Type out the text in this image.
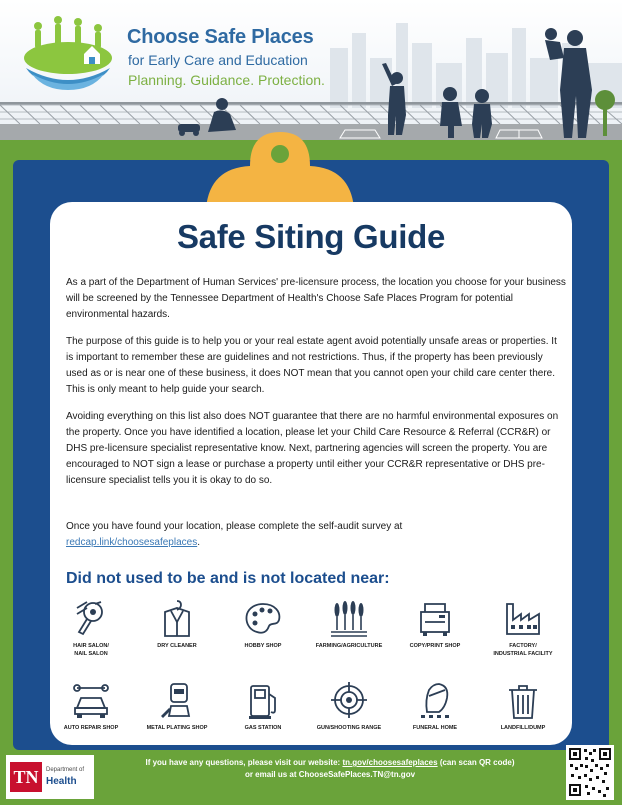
Choose Safe Places
for Early Care and Education
Planning. Guidance. Protection.
Safe Siting Guide
As a part of the Department of Human Services' pre-licensure process, the location you choose for your business will be screened by the Tennessee Department of Health's Choose Safe Places Program for potential environmental hazards.
The purpose of this guide is to help you or your real estate agent avoid potentially unsafe areas or properties. It is important to remember these are guidelines and not restrictions. Thus, if the property has been previously used as or is near one of these business, it does NOT mean that you cannot open your child care center there. This is only meant to help guide your search.
Avoiding everything on this list also does NOT guarantee that there are no harmful environmental exposures on the property. Once you have identified a location, please let your Child Care Resource & Referral (CCR&R) or DHS pre-licensure specialist representative know. Next, partnering agencies will screen the property. You are encouraged to NOT sign a lease or purchase a property until either your CCR&R representative or DHS pre-licensure specialist tells you it is okay to do so.
Once you have found your location, please complete the self-audit survey at
redcap.link/choosesafeplaces.
Did not used to be and is not located near:
HAIR SALON/
NAIL SALON
DRY CLEANER	HOBBY SHOP	FARMING/AGRICULTURE	COPY/PRINT SHOP	FACTORY/
INDUSTRIAL FACILITY
AUTO REPAIR SHOP	METAL PLATING SHOP	GAS STATION	GUN/SHOOTING RANGE	FUNERAL HOME	LANDFILL/DUMP
If you have any questions, please visit our website: tn.gov/choosesafeplaces (can scan QR code)
or email us at ChooseSafePlaces.TN@tn.gov
TN	Department of
Health
